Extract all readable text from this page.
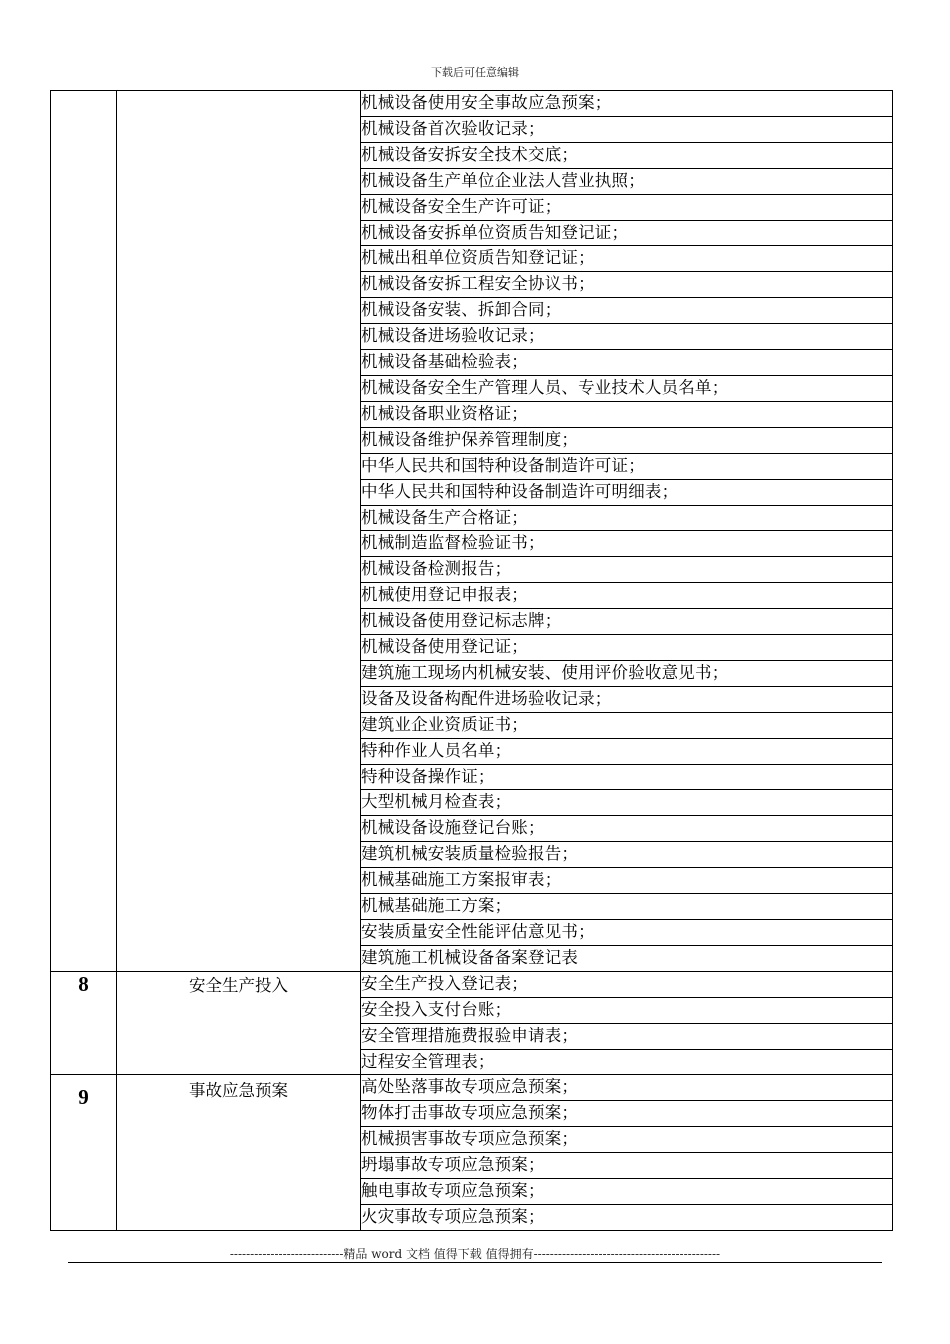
下载后可任意编辑
		机械设备使用安全事故应急预案；
		机械设备首次验收记录；
		机械设备安拆安全技术交底；
		机械设备生产单位企业法人营业执照；
		机械设备安全生产许可证；
		机械设备安拆单位资质告知登记证；
		机械出租单位资质告知登记证；
		机械设备安拆工程安全协议书；
		机械设备安装、拆卸合同；
		机械设备进场验收记录；
		机械设备基础检验表；
		机械设备安全生产管理人员、专业技术人员名单；
		机械设备职业资格证；
		机械设备维护保养管理制度；
		中华人民共和国特种设备制造许可证；
		中华人民共和国特种设备制造许可明细表；
		机械设备生产合格证；
		机械制造监督检验证书；
		机械设备检测报告；
		机械使用登记申报表；
		机械设备使用登记标志牌；
		机械设备使用登记证；
		建筑施工现场内机械安装、使用评价验收意见书；
		设备及设备构配件进场验收记录；
		建筑业企业资质证书；
		特种作业人员名单；
		特种设备操作证；
		大型机械月检查表；
		机械设备设施登记台账；
		建筑机械安装质量检验报告；
		机械基础施工方案报审表；
		机械基础施工方案；
		安装质量安全性能评估意见书；
		建筑施工机械设备备案登记表
8	安全生产投入	安全生产投入登记表；
		安全投入支付台账；
		安全管理措施费报验申请表；
		过程安全管理表；
9	事故应急预案	高处坠落事故专项应急预案；
		物体打击事故专项应急预案；
		机械损害事故专项应急预案；
		坍塌事故专项应急预案；
		触电事故专项应急预案；
		火灾事故专项应急预案；
----------------------------精品 word 文档 值得下载 值得拥有----------------------------------------------
